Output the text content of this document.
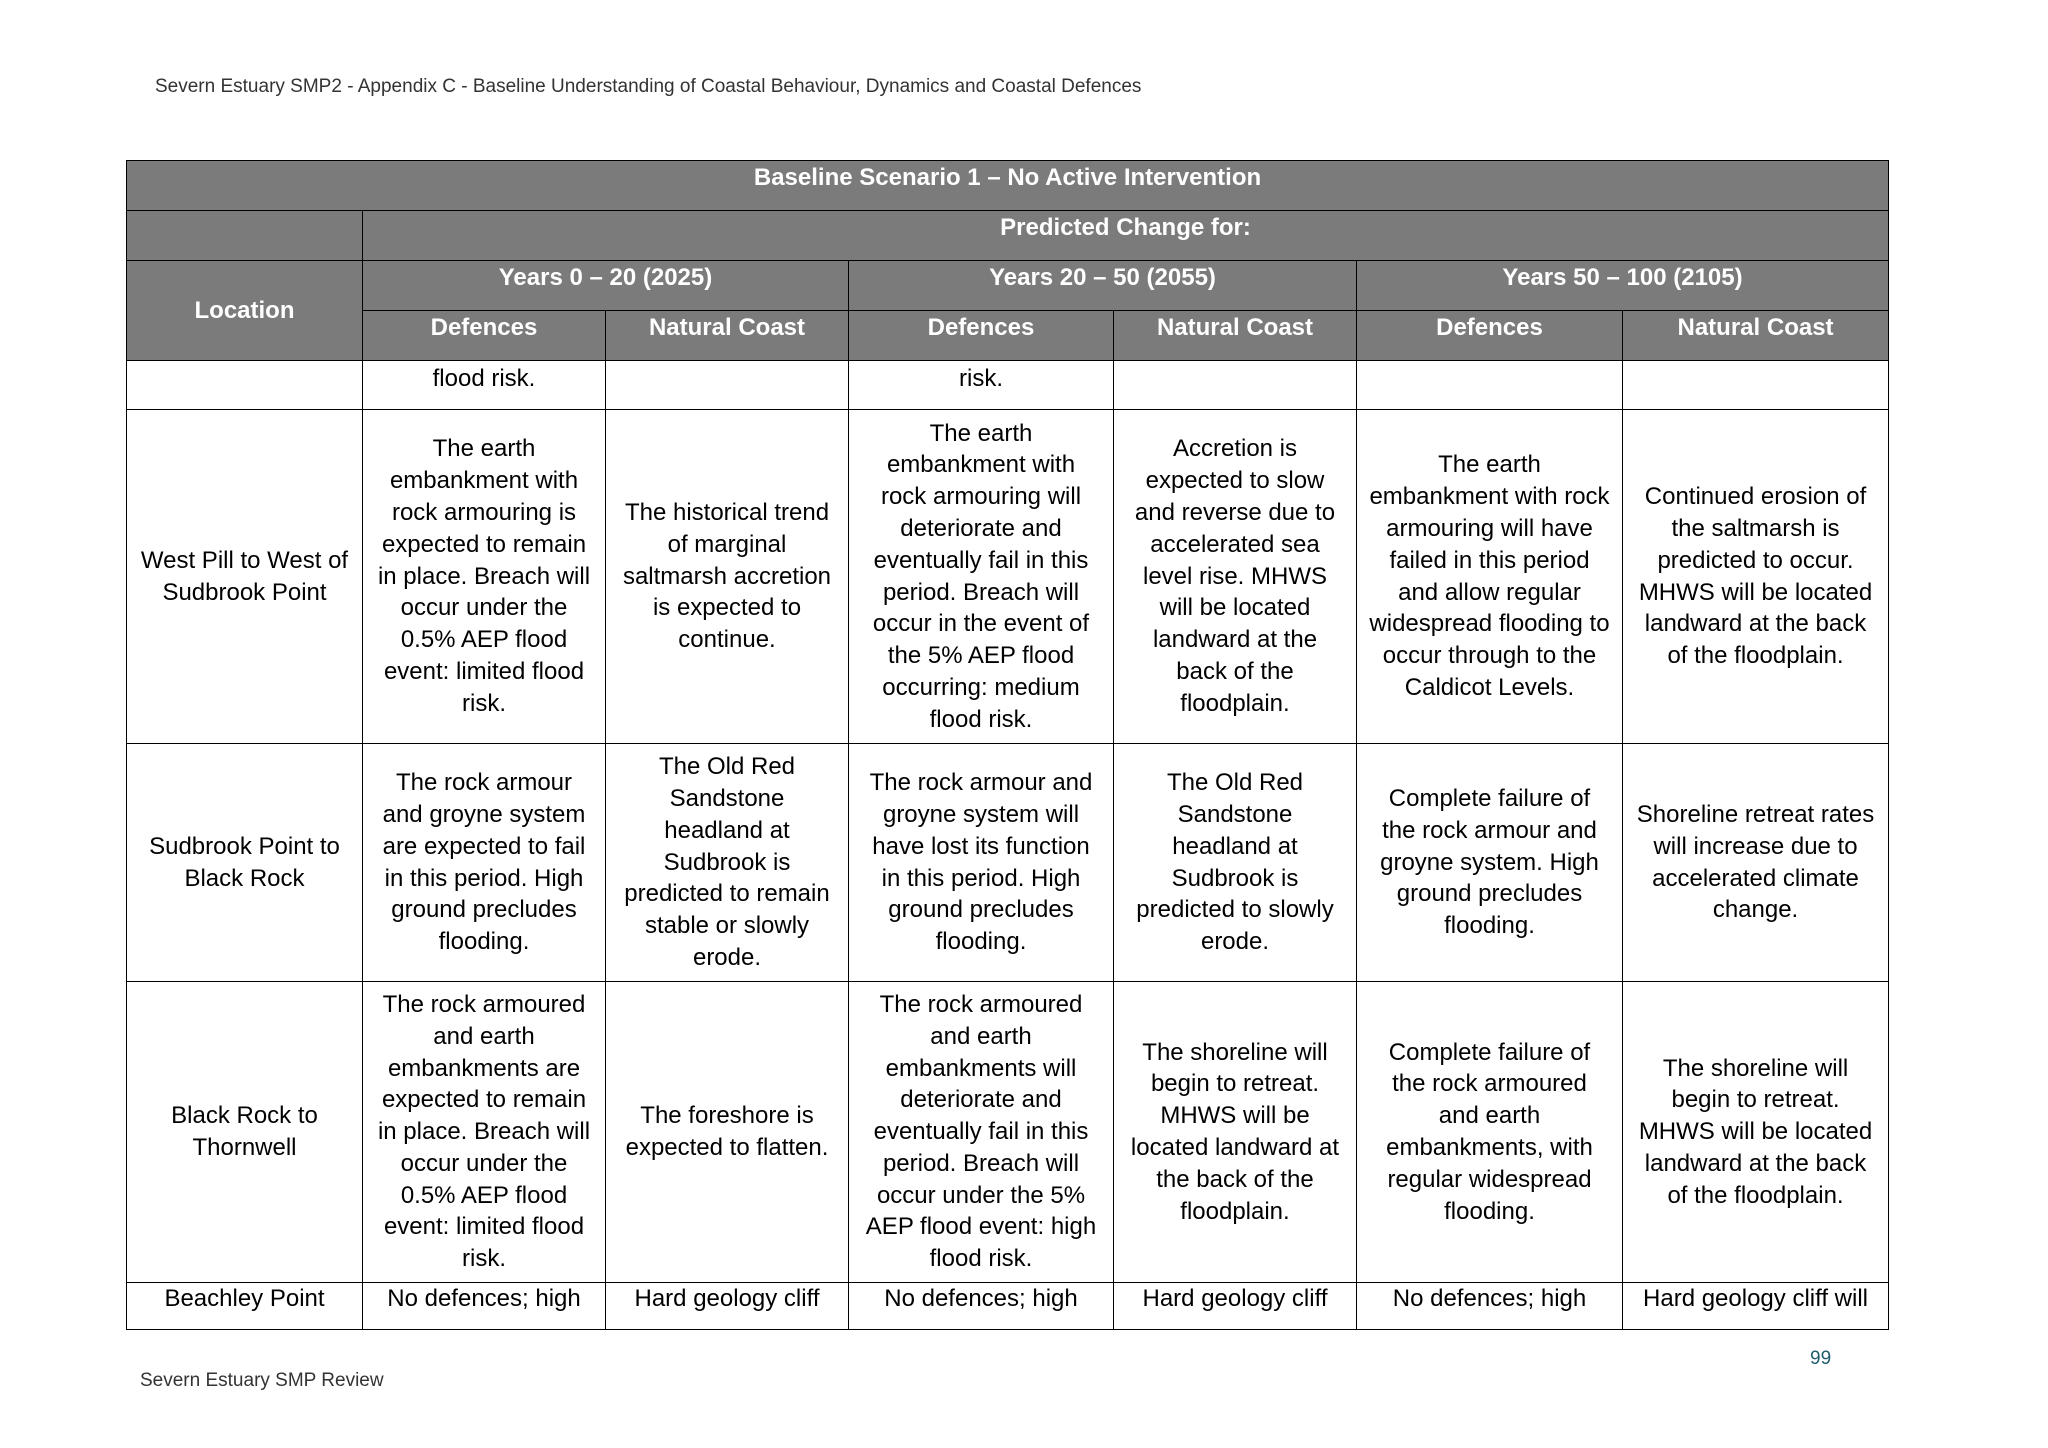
Severn Estuary SMP2 - Appendix C - Baseline Understanding of Coastal Behaviour, Dynamics and Coastal Defences
Baseline Scenario 1 – No Active Intervention						
	Predicted Change for:					
Location	Years 0 – 20 (2025)		Years 20 – 50 (2055)		Years 50 – 100 (2105)	
	Defences	Natural Coast	Defences	Natural Coast	Defences	Natural Coast
	flood risk.		risk.			
West Pill to West of Sudbrook Point	The earth embankment with rock armouring is expected to remain in place. Breach will occur under the 0.5% AEP flood event: limited flood risk.	The historical trend of marginal saltmarsh accretion is expected to continue.	The earth embankment with rock armouring will deteriorate and eventually fail in this period. Breach will occur in the event of the 5% AEP flood occurring: medium flood risk.	Accretion is expected to slow and reverse due to accelerated sea level rise. MHWS will be located landward at the back of the floodplain.	The earth embankment with rock armouring will have failed in this period and allow regular widespread flooding to occur through to the Caldicot Levels.	Continued erosion of the saltmarsh is predicted to occur. MHWS will be located landward at the back of the floodplain.
Sudbrook Point to Black Rock	The rock armour and groyne system are expected to fail in this period. High ground precludes flooding.	The Old Red Sandstone headland at Sudbrook is predicted to remain stable or slowly erode.	The rock armour and groyne system will have lost its function in this period. High ground precludes flooding.	The Old Red Sandstone headland at Sudbrook is predicted to slowly erode.	Complete failure of the rock armour and groyne system. High ground precludes flooding.	Shoreline retreat rates will increase due to accelerated climate change.
Black Rock to Thornwell	The rock armoured and earth embankments are expected to remain in place. Breach will occur under the 0.5% AEP flood event: limited flood risk.	The foreshore is expected to flatten.	The rock armoured and earth embankments will deteriorate and eventually fail in this period. Breach will occur under the 5% AEP flood event: high flood risk.	The shoreline will begin to retreat. MHWS will be located landward at the back of the floodplain.	Complete failure of the rock armoured and earth embankments, with regular widespread flooding.	The shoreline will begin to retreat. MHWS will be located landward at the back of the floodplain.
Beachley Point	No defences; high	Hard geology cliff	No defences; high	Hard geology cliff	No defences; high	Hard geology cliff will
99
Severn Estuary SMP Review
